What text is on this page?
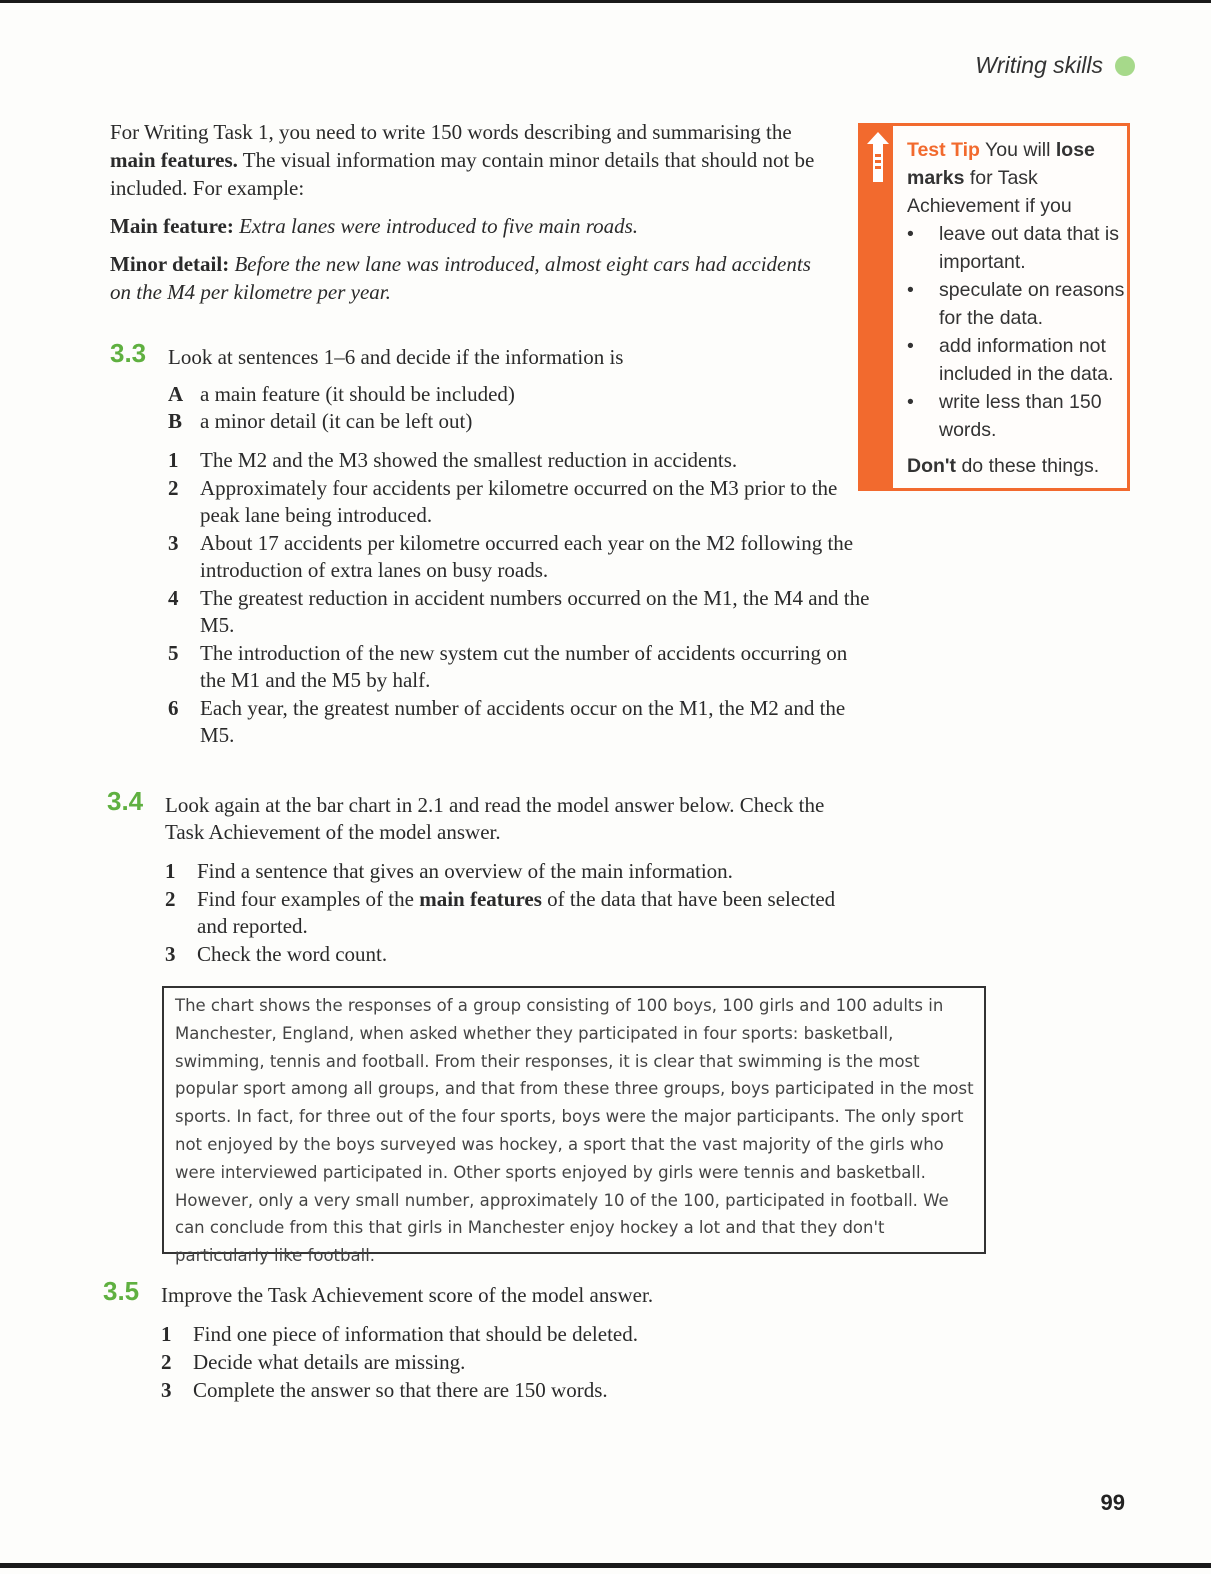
Writing skills

For Writing Task 1, you need to write 150 words describing and summarising the main features. The visual information may contain minor details that should not be included. For example:

Main feature: Extra lanes were introduced to five main roads.

Minor detail: Before the new lane was introduced, almost eight cars had accidents on the M4 per kilometre per year.

3.3 Look at sentences 1–6 and decide if the information is
A a main feature (it should be included)
B a minor detail (it can be left out)
1	The M2 and the M3 showed the smallest reduction in accidents.
2	Approximately four accidents per kilometre occurred on the M3 prior to the peak lane being introduced.
3	About 17 accidents per kilometre occurred each year on the M2 following the introduction of extra lanes on busy roads.
4	The greatest reduction in accident numbers occurred on the M1, the M4 and the M5.
5	The introduction of the new system cut the number of accidents occurring on the M1 and the M5 by half.
6	Each year, the greatest number of accidents occur on the M1, the M2 and the M5.
3.4 Look again at the bar chart in 2.1 and read the model answer below. Check the Task Achievement of the model answer.
1	Find a sentence that gives an overview of the main information.
2	Find four examples of the main features of the data that have been selected and reported.
3	Check the word count.
The chart shows the responses of a group consisting of 100 boys, 100 girls and 100 adults in Manchester, England, when asked whether they participated in four sports: basketball, swimming, tennis and football. From their responses, it is clear that swimming is the most popular sport among all groups, and that from these three groups, boys participated in the most sports. In fact, for three out of the four sports, boys were the major participants. The only sport not enjoyed by the boys surveyed was hockey, a sport that the vast majority of the girls who were interviewed participated in. Other sports enjoyed by girls were tennis and basketball. However, only a very small number, approximately 10 of the 100, participated in football. We can conclude from this that girls in Manchester enjoy hockey a lot and that they don't particularly like football.
3.5 Improve the Task Achievement score of the model answer.
1	Find one piece of information that should be deleted.
2	Decide what details are missing.
3	Complete the answer so that there are 150 words.
Test Tip You will lose marks for Task Achievement if you
•	leave out data that is important.
•	speculate on reasons for the data.
•	add information not included in the data.
•	write less than 150 words.
Don't do these things.
99
